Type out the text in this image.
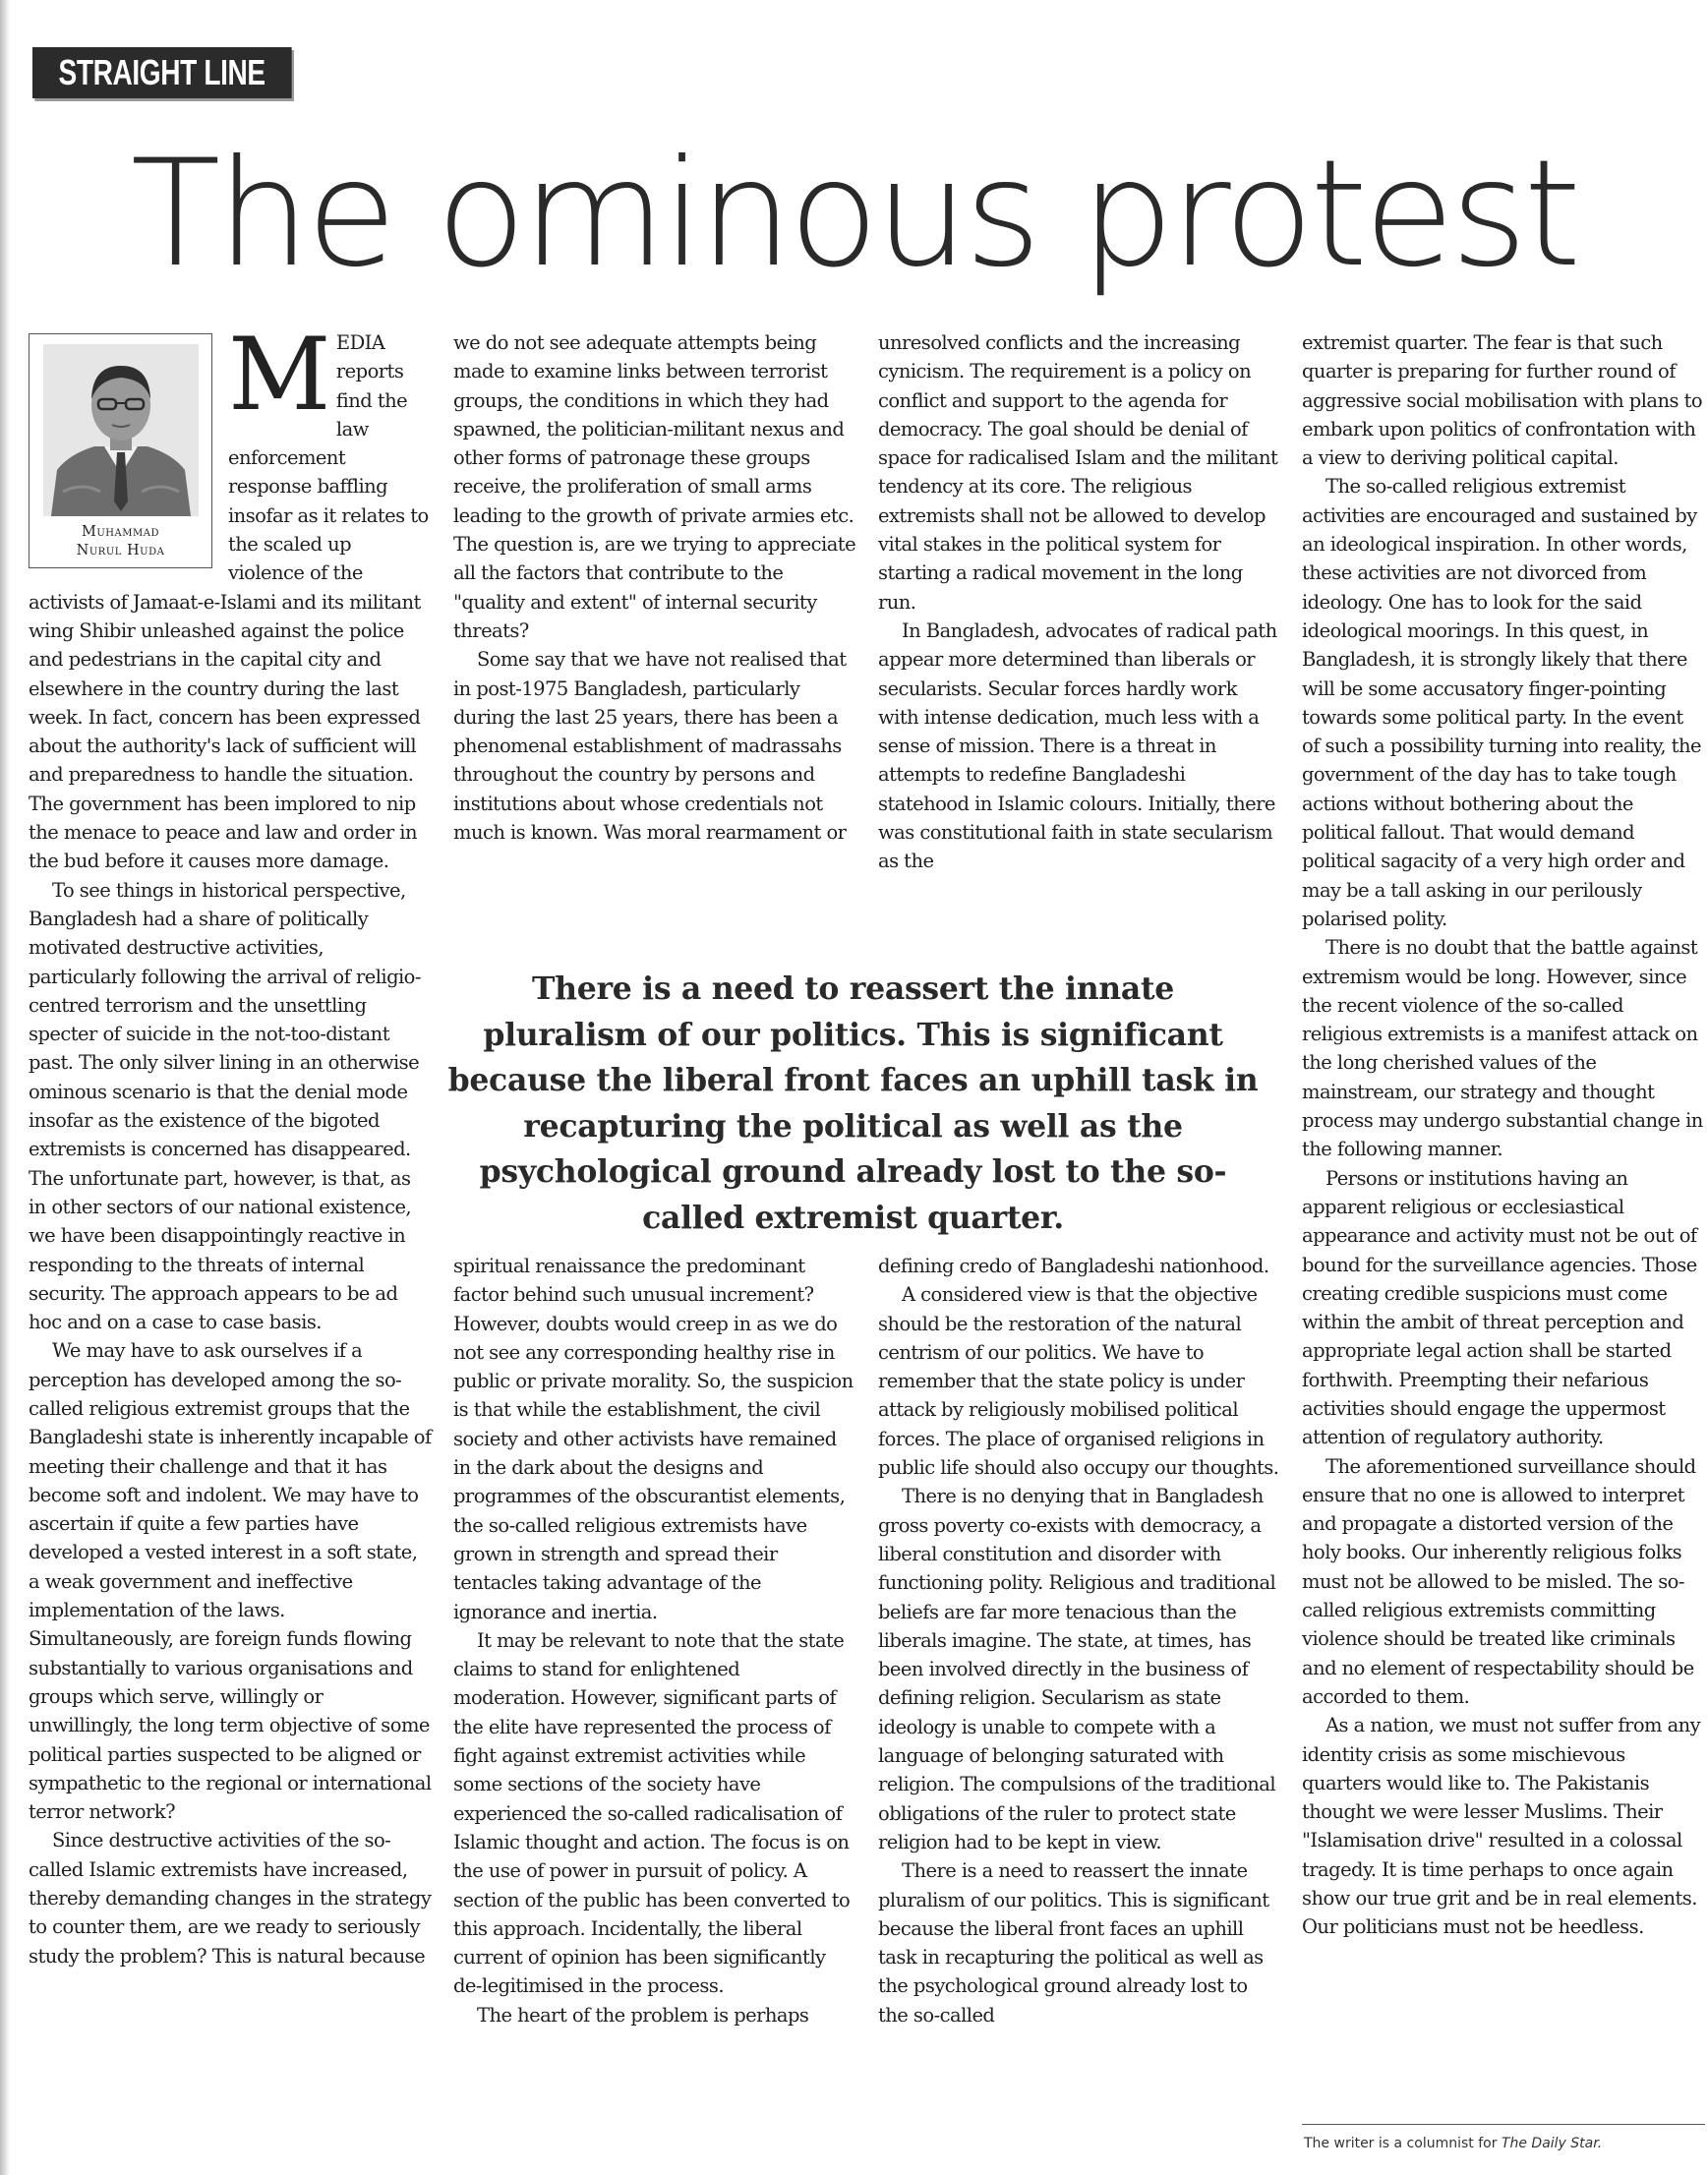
STRAIGHT LINE
The ominous protest
Muhammad
Nurul Huda
M EDIA reports find the law enforcement response baffling insofar as it relates to the scaled up violence of the activists of Jamaat-e-Islami and its militant wing Shibir unleashed against the police and pedestrians in the capital city and elsewhere in the country during the last week. In fact, concern has been expressed about the authority's lack of sufficient will and preparedness to handle the situation. The government has been implored to nip the menace to peace and law and order in the bud before it causes more damage.

To see things in historical perspective, Bangladesh had a share of politically motivated destructive activities, particularly following the arrival of religio-centred terrorism and the unsettling specter of suicide in the not-too-distant past. The only silver lining in an otherwise ominous scenario is that the denial mode insofar as the existence of the bigoted extremists is concerned has disappeared. The unfortunate part, however, is that, as in other sectors of our national existence, we have been disappointingly reactive in responding to the threats of internal security. The approach appears to be ad hoc and on a case to case basis.

We may have to ask ourselves if a perception has developed among the so-called religious extremist groups that the Bangladeshi state is inherently incapable of meeting their challenge and that it has become soft and indolent. We may have to ascertain if quite a few parties have developed a vested interest in a soft state, a weak government and ineffective implementation of the laws. Simultaneously, are foreign funds flowing substantially to various organisations and groups which serve, willingly or unwillingly, the long term objective of some political parties suspected to be aligned or sympathetic to the regional or international terror network?

Since destructive activities of the so-called Islamic extremists have increased, thereby demanding changes in the strategy to counter them, are we ready to seriously study the problem? This is natural because

we do not see adequate attempts being made to examine links between terrorist groups, the conditions in which they had spawned, the politician-militant nexus and other forms of patronage these groups receive, the proliferation of small arms leading to the growth of private armies etc. The question is, are we trying to appreciate all the factors that contribute to the "quality and extent" of internal security threats?

Some say that we have not realised that in post-1975 Bangladesh, particularly during the last 25 years, there has been a phenomenal establishment of madrassahs throughout the country by persons and institutions about whose credentials not much is known. Was moral rearmament or

unresolved conflicts and the increasing cynicism. The requirement is a policy on conflict and support to the agenda for democracy. The goal should be denial of space for radicalised Islam and the militant tendency at its core. The religious extremists shall not be allowed to develop vital stakes in the political system for starting a radical movement in the long run.

In Bangladesh, advocates of radical path appear more determined than liberals or secularists. Secular forces hardly work with intense dedication, much less with a sense of mission. There is a threat in attempts to redefine Bangladeshi statehood in Islamic colours. Initially, there was constitutional faith in state secularism as the

There is a need to reassert the innate pluralism of our politics. This is significant because the liberal front faces an uphill task in recapturing the political as well as the psychological ground already lost to the so-called extremist quarter.

spiritual renaissance the predominant factor behind such unusual increment? However, doubts would creep in as we do not see any corresponding healthy rise in public or private morality. So, the suspicion is that while the establishment, the civil society and other activists have remained in the dark about the designs and programmes of the obscurantist elements, the so-called religious extremists have grown in strength and spread their tentacles taking advantage of the ignorance and inertia.

It may be relevant to note that the state claims to stand for enlightened moderation. However, significant parts of the elite have represented the process of fight against extremist activities while some sections of the society have experienced the so-called radicalisation of Islamic thought and action. The focus is on the use of power in pursuit of policy. A section of the public has been converted to this approach. Incidentally, the liberal current of opinion has been significantly de-legitimised in the process.

The heart of the problem is perhaps

defining credo of Bangladeshi nationhood.

A considered view is that the objective should be the restoration of the natural centrism of our politics. We have to remember that the state policy is under attack by religiously mobilised political forces. The place of organised religions in public life should also occupy our thoughts.

There is no denying that in Bangladesh gross poverty co-exists with democracy, a liberal constitution and disorder with functioning polity. Religious and traditional beliefs are far more tenacious than the liberals imagine. The state, at times, has been involved directly in the business of defining religion. Secularism as state ideology is unable to compete with a language of belonging saturated with religion. The compulsions of the traditional obligations of the ruler to protect state religion had to be kept in view.

There is a need to reassert the innate pluralism of our politics. This is significant because the liberal front faces an uphill task in recapturing the political as well as the psychological ground already lost to the so-called

extremist quarter. The fear is that such quarter is preparing for further round of aggressive social mobilisation with plans to embark upon politics of confrontation with a view to deriving political capital.

The so-called religious extremist activities are encouraged and sustained by an ideological inspiration. In other words, these activities are not divorced from ideology. One has to look for the said ideological moorings. In this quest, in Bangladesh, it is strongly likely that there will be some accusatory finger-pointing towards some political party. In the event of such a possibility turning into reality, the government of the day has to take tough actions without bothering about the political fallout. That would demand political sagacity of a very high order and may be a tall asking in our perilously polarised polity.

There is no doubt that the battle against extremism would be long. However, since the recent violence of the so-called religious extremists is a manifest attack on the long cherished values of the mainstream, our strategy and thought process may undergo substantial change in the following manner.

Persons or institutions having an apparent religious or ecclesiastical appearance and activity must not be out of bound for the surveillance agencies. Those creating credible suspicions must come within the ambit of threat perception and appropriate legal action shall be started forthwith. Preempting their nefarious activities should engage the uppermost attention of regulatory authority.

The aforementioned surveillance should ensure that no one is allowed to interpret and propagate a distorted version of the holy books. Our inherently religious folks must not be allowed to be misled. The so-called religious extremists committing violence should be treated like criminals and no element of respectability should be accorded to them.

As a nation, we must not suffer from any identity crisis as some mischievous quarters would like to. The Pakistanis thought we were lesser Muslims. Their "Islamisation drive" resulted in a colossal tragedy. It is time perhaps to once again show our true grit and be in real elements. Our politicians must not be heedless.

The writer is a columnist for The Daily Star.
